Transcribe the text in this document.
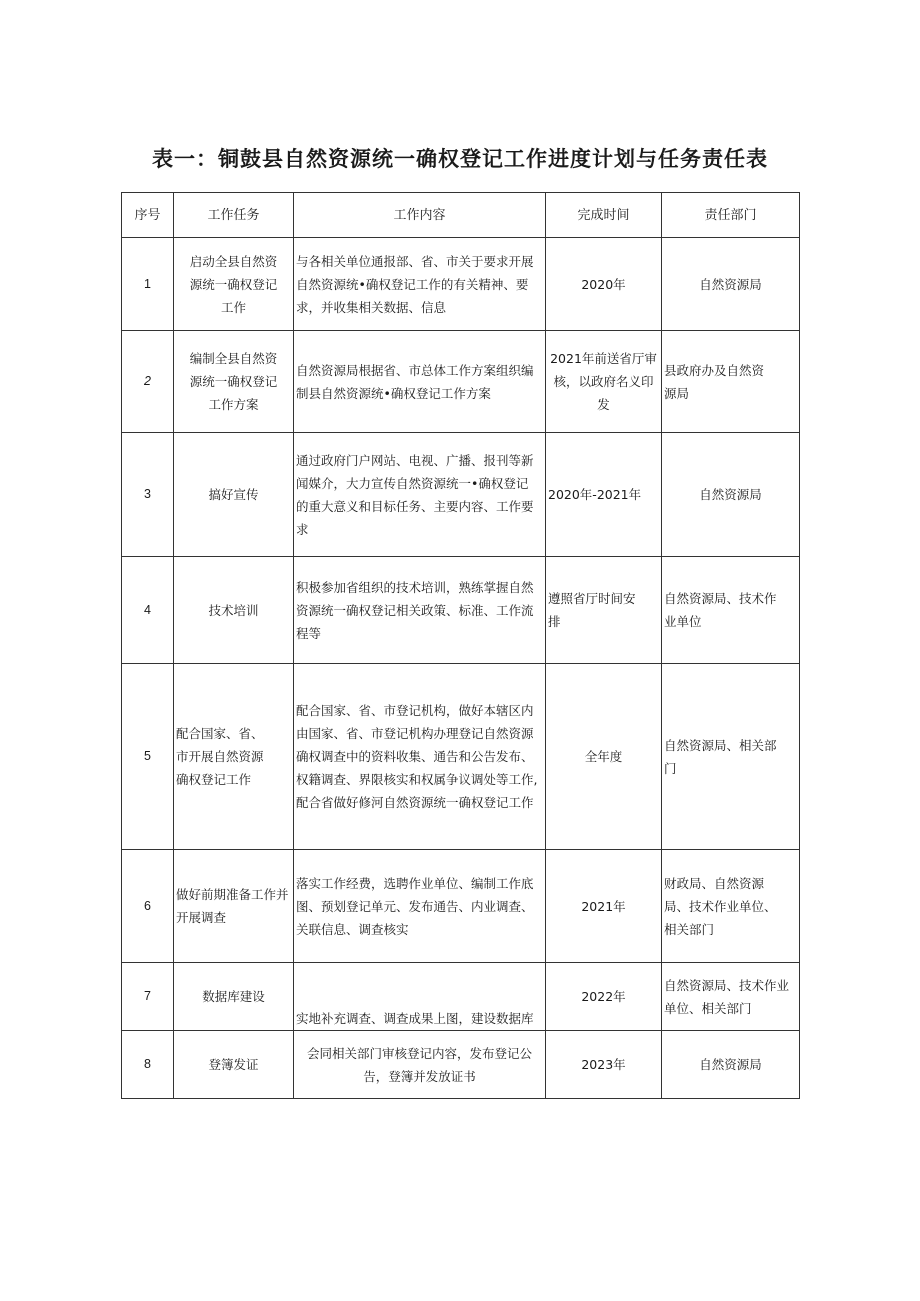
表一：铜鼓县自然资源统一确权登记工作进度计划与任务责任表
序号	工作任务	工作内容	完成时间	责任部门
1	启动全县自然资
源统一确权登记
工作	与各相关单位通报部、省、市关于要求开展
自然资源统•确权登记工作的有关精神、要
求，并收集相关数据、信息	2020年	自然资源局

2	编制全县自然资
源统一确权登记
工作方案	自然资源局根据省、市总体工作方案组织编
制县自然资源统•确权登记工作方案	2021年前送省厅审
核，以政府名义印
发	县政府办及自然资
源局

3	搞好宣传	通过政府门户网站、电视、广播、报刊等新
闻媒介，大力宣传自然资源统一•确权登记
的重大意义和目标任务、主要内容、工作要
求	2020年-2021年	自然资源局

4	技术培训	积极参加省组织的技术培训，熟练掌握自然
资源统一确权登记相关政策、标准、工作流
程等	遵照省厅时间安
排	自然资源局、技术作
业单位

5	配合国家、省、
市开展自然资源
确权登记工作	配合国家、省、市登记机构，做好本辖区内
由国家、省、市登记机构办理登记自然资源
确权调查中的资料收集、通告和公告发布、
权籍调查、界限核实和权属争议调处等工作,
配合省做好修河自然资源统一确权登记工作	全年度	自然资源局、相关部
门

6	做好前期准备工作并
开展调查	落实工作经费，选聘作业单位、编制工作底
图、预划登记单元、发布通告、内业调查、
关联信息、调查核实	2021年	财政局、自然资源
局、技术作业单位、
相关部门

7	数据库建设	实地补充调查、调查成果上图，建设数据库	2022年	自然资源局、技术作业
单位、相关部门

8	登簿发证	会同相关部门审核登记内容，发布登记公
告，登簿并发放证书	2023年	自然资源局
